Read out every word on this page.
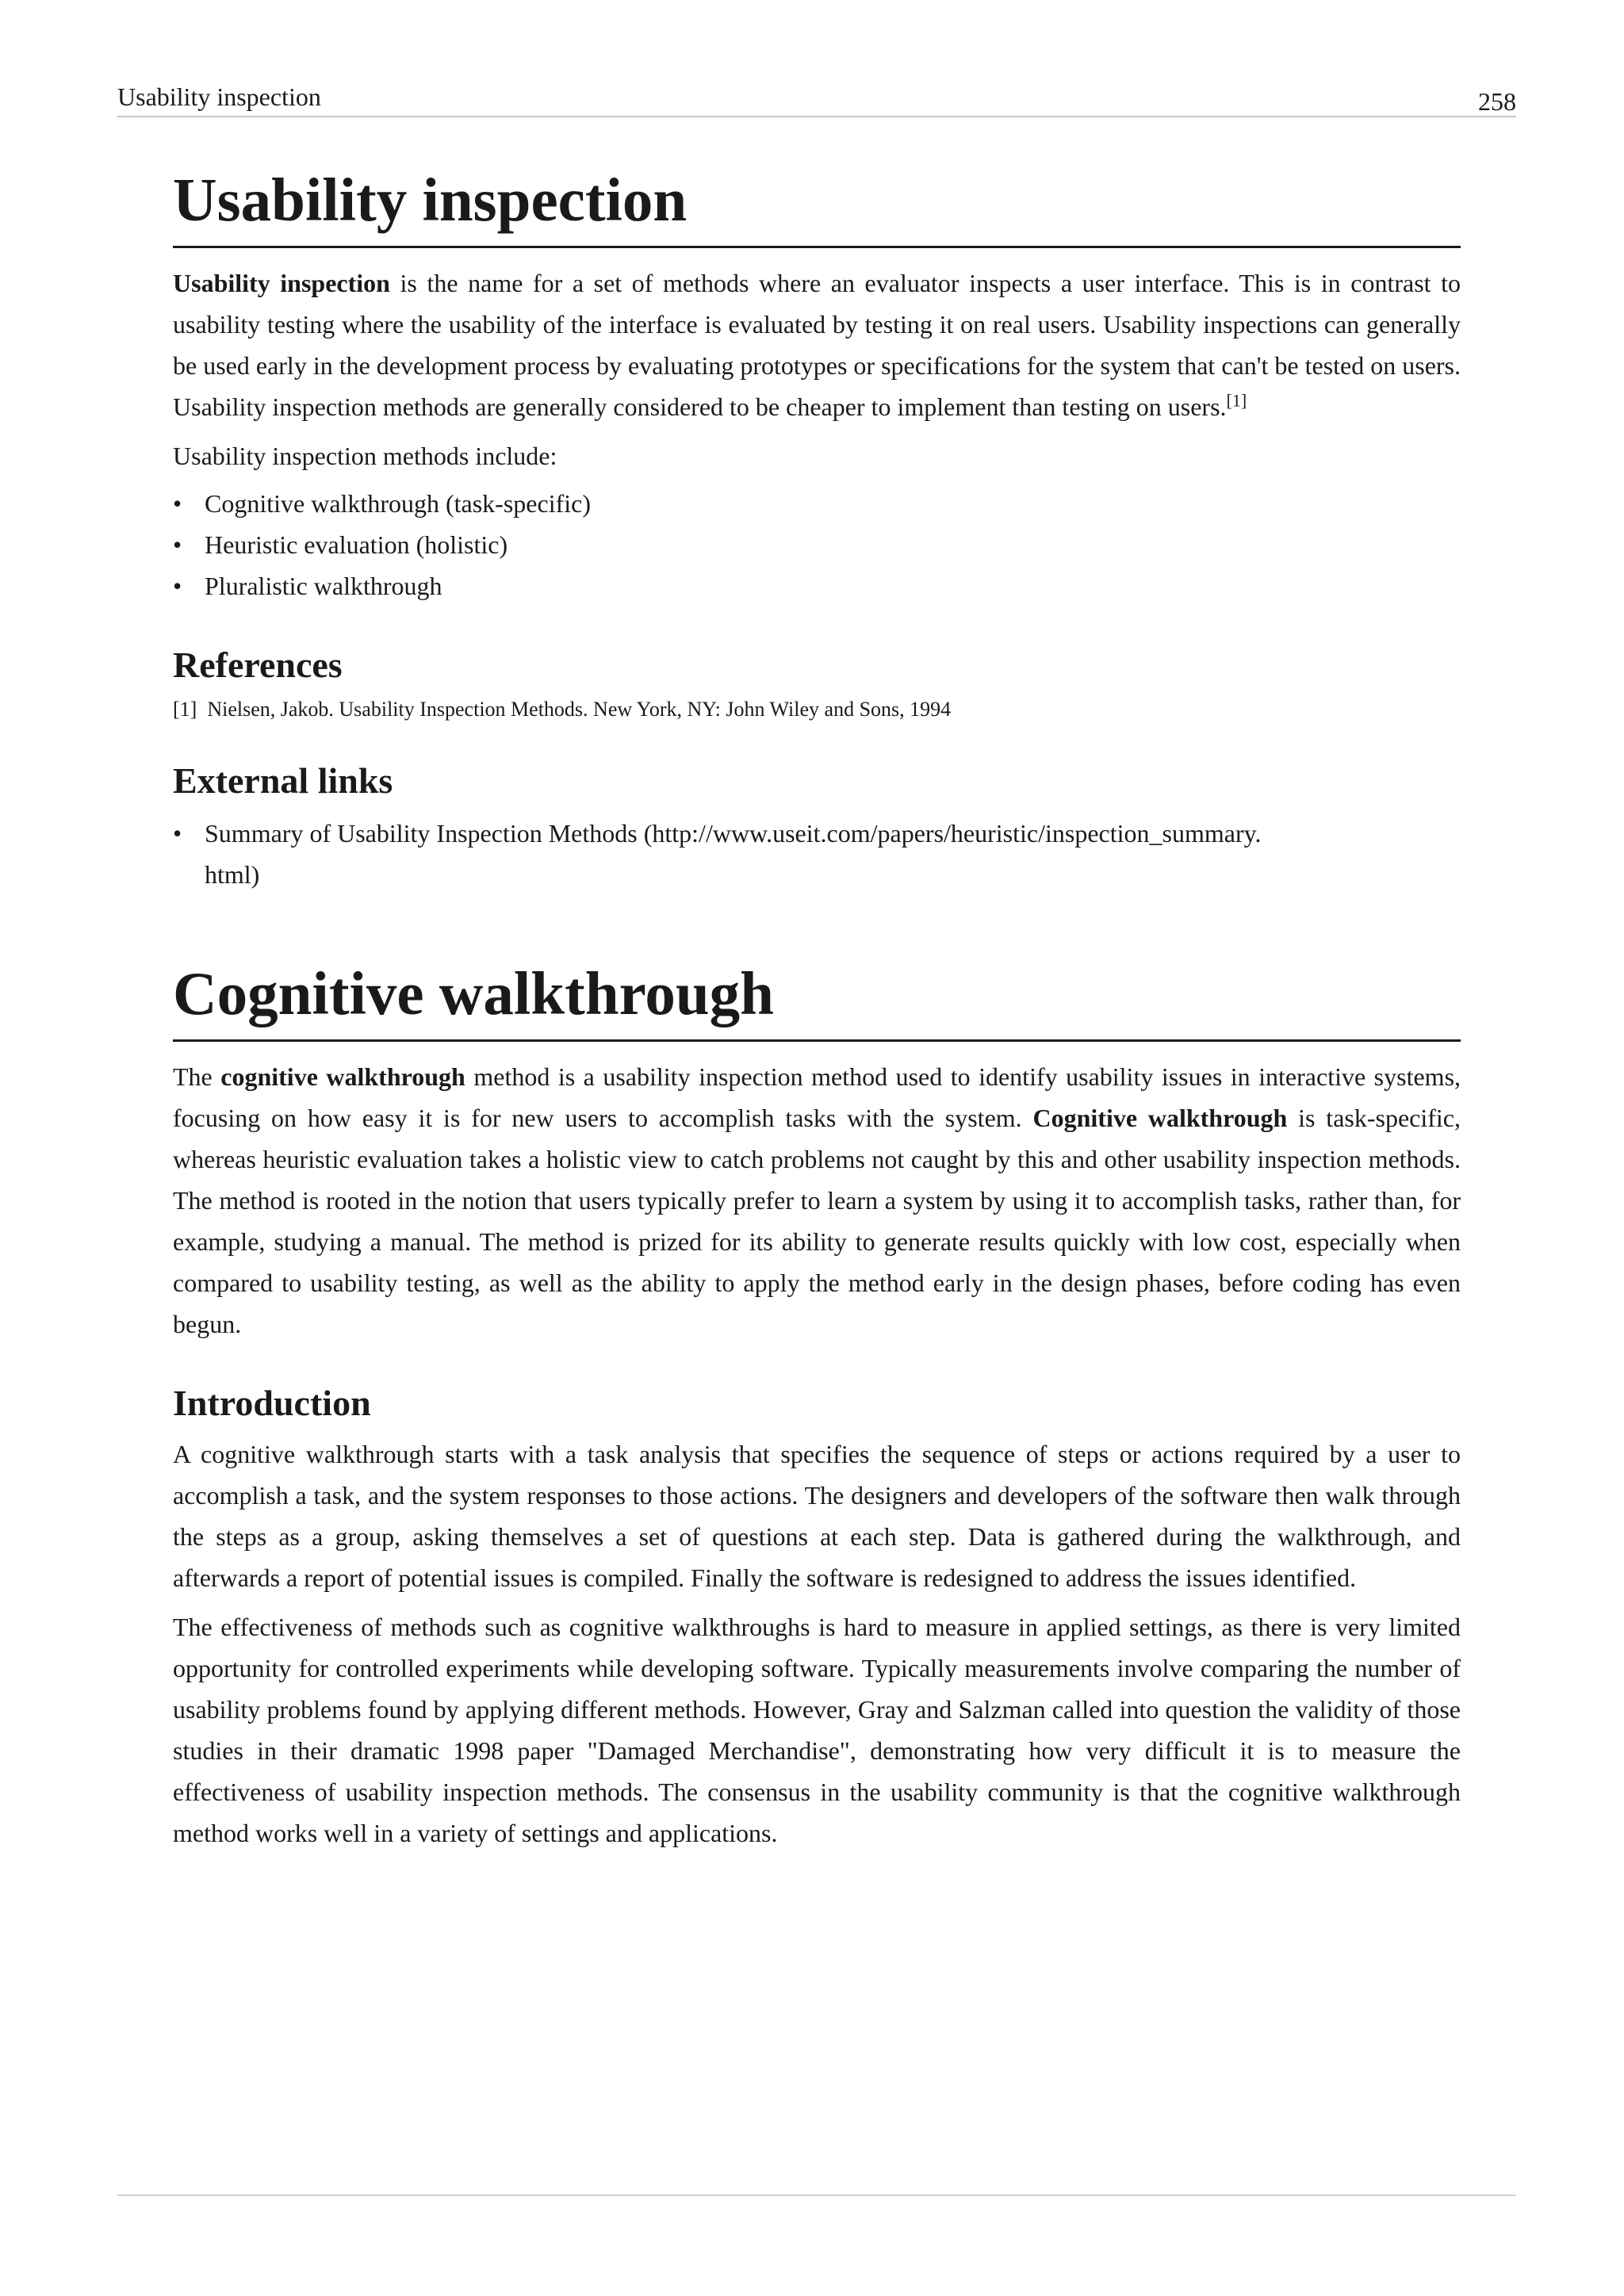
Usability inspection	258
Usability inspection

Usability inspection is the name for a set of methods where an evaluator inspects a user interface. This is in contrast to usability testing where the usability of the interface is evaluated by testing it on real users. Usability inspections can generally be used early in the development process by evaluating prototypes or specifications for the system that can't be tested on users. Usability inspection methods are generally considered to be cheaper to implement than testing on users.[1]

Usability inspection methods include:

• Cognitive walkthrough (task-specific)
• Heuristic evaluation (holistic)
• Pluralistic walkthrough
References
[1] Nielsen, Jakob. Usability Inspection Methods. New York, NY: John Wiley and Sons, 1994
External links
• Summary of Usability Inspection Methods (http://www.useit.com/papers/heuristic/inspection_summary.
html)
Cognitive walkthrough

The cognitive walkthrough method is a usability inspection method used to identify usability issues in interactive systems, focusing on how easy it is for new users to accomplish tasks with the system. Cognitive walkthrough is task-specific, whereas heuristic evaluation takes a holistic view to catch problems not caught by this and other usability inspection methods. The method is rooted in the notion that users typically prefer to learn a system by using it to accomplish tasks, rather than, for example, studying a manual. The method is prized for its ability to generate results quickly with low cost, especially when compared to usability testing, as well as the ability to apply the method early in the design phases, before coding has even begun.

Introduction

A cognitive walkthrough starts with a task analysis that specifies the sequence of steps or actions required by a user to accomplish a task, and the system responses to those actions. The designers and developers of the software then walk through the steps as a group, asking themselves a set of questions at each step. Data is gathered during the walkthrough, and afterwards a report of potential issues is compiled. Finally the software is redesigned to address the issues identified.

The effectiveness of methods such as cognitive walkthroughs is hard to measure in applied settings, as there is very limited opportunity for controlled experiments while developing software. Typically measurements involve comparing the number of usability problems found by applying different methods. However, Gray and Salzman called into question the validity of those studies in their dramatic 1998 paper "Damaged Merchandise", demonstrating how very difficult it is to measure the effectiveness of usability inspection methods. The consensus in the usability community is that the cognitive walkthrough method works well in a variety of settings and applications.
